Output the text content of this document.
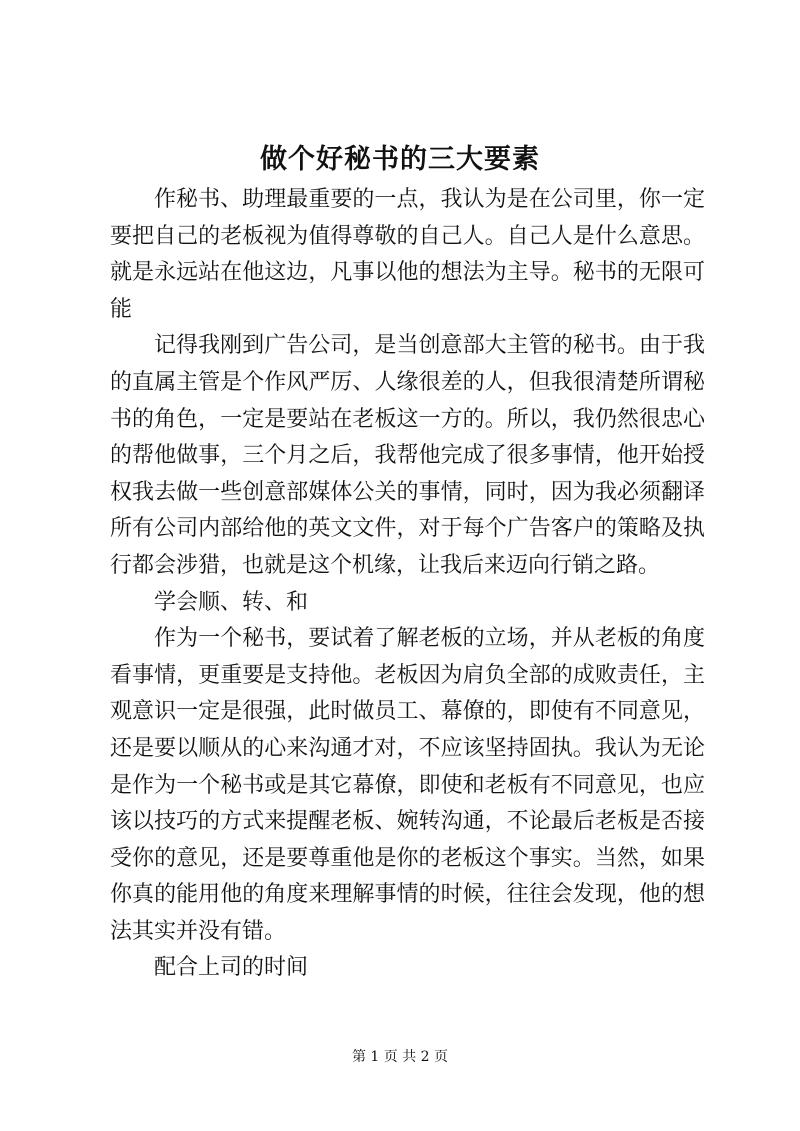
做个好秘书的三大要素

作秘书、助理最重要的一点，我认为是在公司里，你一定要把自己的老板视为值得尊敬的自己人。自己人是什么意思。就是永远站在他这边，凡事以他的想法为主导。秘书的无限可能

记得我刚到广告公司，是当创意部大主管的秘书。由于我的直属主管是个作风严厉、人缘很差的人，但我很清楚所谓秘书的角色，一定是要站在老板这一方的。所以，我仍然很忠心的帮他做事，三个月之后，我帮他完成了很多事情，他开始授权我去做一些创意部媒体公关的事情，同时，因为我必须翻译所有公司内部给他的英文文件，对于每个广告客户的策略及执行都会涉猎，也就是这个机缘，让我后来迈向行销之路。

学会顺、转、和

作为一个秘书，要试着了解老板的立场，并从老板的角度看事情，更重要是支持他。老板因为肩负全部的成败责任，主观意识一定是很强，此时做员工、幕僚的，即使有不同意见，还是要以顺从的心来沟通才对，不应该坚持固执。我认为无论是作为一个秘书或是其它幕僚，即使和老板有不同意见，也应该以技巧的方式来提醒老板、婉转沟通，不论最后老板是否接受你的意见，还是要尊重他是你的老板这个事实。当然，如果你真的能用他的角度来理解事情的时候，往往会发现，他的想法其实并没有错。

配合上司的时间

第 1 页 共 2 页
